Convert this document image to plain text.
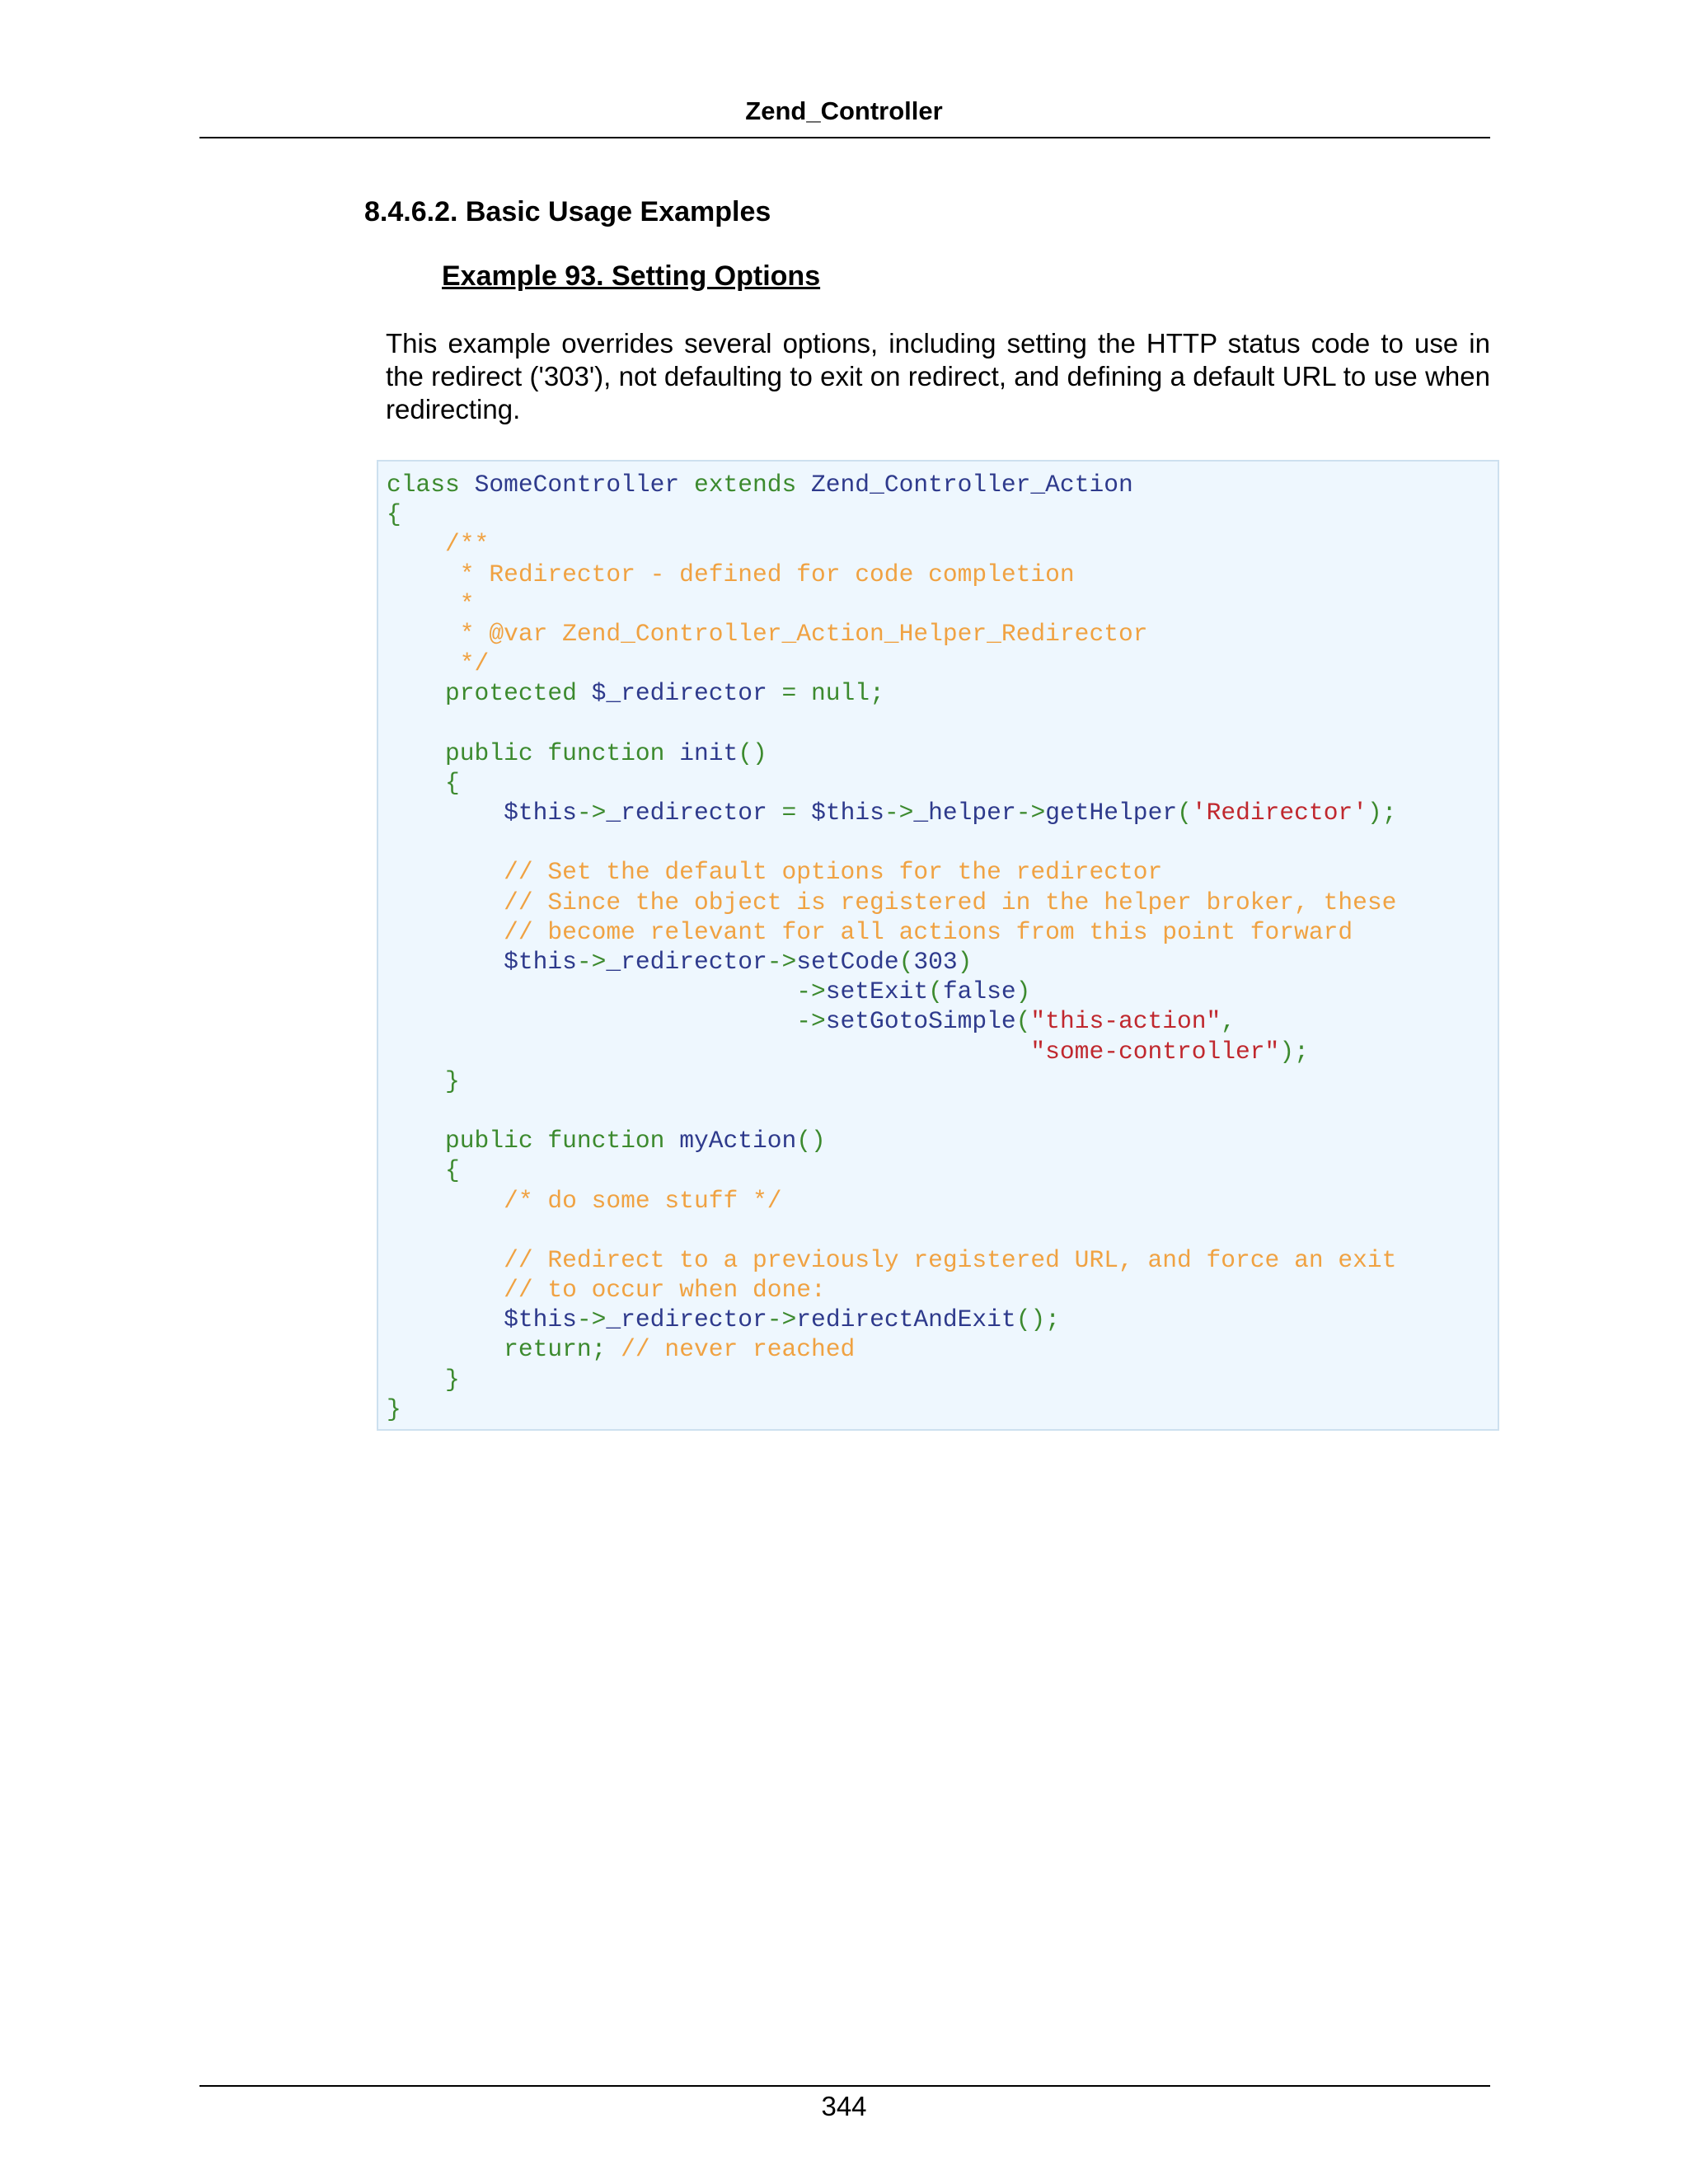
Zend_Controller
8.4.6.2. Basic Usage Examples
Example 93. Setting Options
This example overrides several options, including setting the HTTP status code to use in the redirect ('303'), not defaulting to exit on redirect, and defining a default URL to use when redirecting.
class SomeController extends Zend_Controller_Action
{
/**
* Redirector - defined for code completion
*
* @var Zend_Controller_Action_Helper_Redirector
*/
protected $_redirector = null;
public function init()
{
$this->_redirector = $this->_helper->getHelper('Redirector');
// Set the default options for the redirector
// Since the object is registered in the helper broker, these
// become relevant for all actions from this point forward
$this->_redirector->setCode(303)
->setExit(false)
->setGotoSimple("this-action",
"some-controller");
}
public function myAction()
{
/* do some stuff */
// Redirect to a previously registered URL, and force an exit
// to occur when done:
$this->_redirector->redirectAndExit();
return; // never reached
}
}
344
